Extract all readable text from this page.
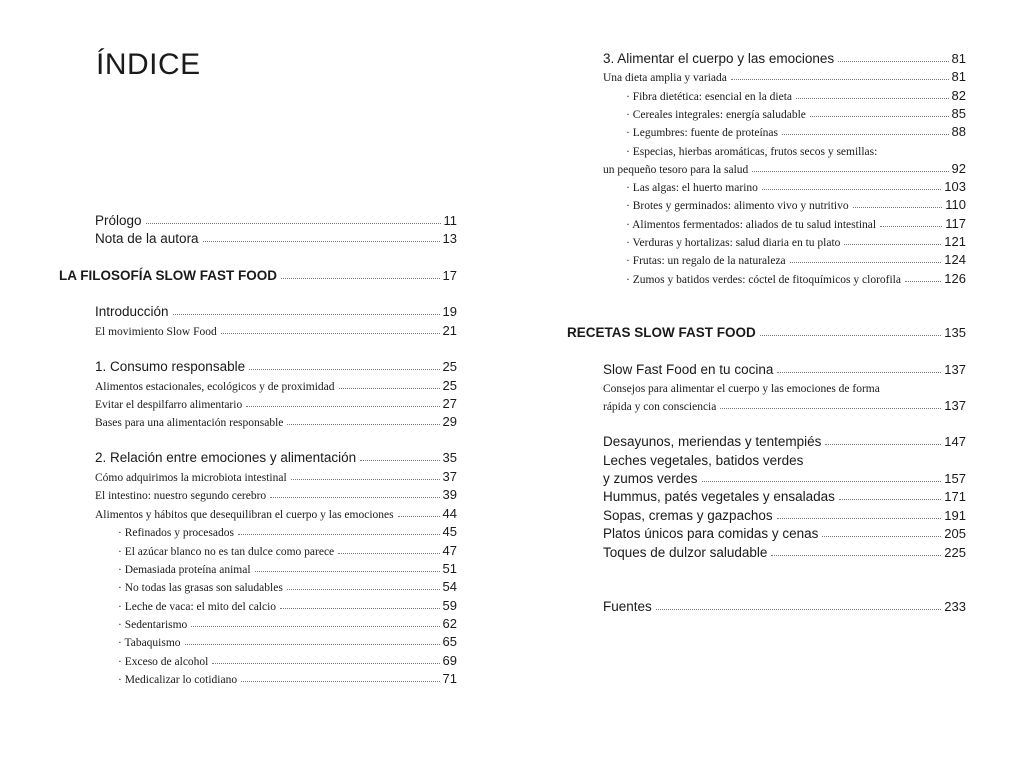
ÍNDICE
Prólogo	11
Nota de la autora	13
LA FILOSOFÍA SLOW FAST FOOD	17
Introducción	19
El movimiento Slow Food	21
1. Consumo responsable	25
Alimentos estacionales, ecológicos y de proximidad	25
Evitar el despilfarro alimentario	27
Bases para una alimentación responsable	29
2. Relación entre emociones y alimentación	35
Cómo adquirimos la microbiota intestinal	37
El intestino: nuestro segundo cerebro	39
Alimentos y hábitos que desequilibran el cuerpo y las emociones	44
· Refinados y procesados	45
· El azúcar blanco no es tan dulce como parece	47
· Demasiada proteína animal	51
· No todas las grasas son saludables	54
· Leche de vaca: el mito del calcio	59
· Sedentarismo	62
· Tabaquismo	65
· Exceso de alcohol	69
· Medicalizar lo cotidiano	71
3. Alimentar el cuerpo y las emociones	81
Una dieta amplia y variada	81
· Fibra dietética: esencial en la dieta	82
· Cereales integrales: energía saludable	85
· Legumbres: fuente de proteínas	88
· Especias, hierbas aromáticas, frutos secos y semillas:
un pequeño tesoro para la salud	92
· Las algas: el huerto marino	103
· Brotes y germinados: alimento vivo y nutritivo	110
· Alimentos fermentados: aliados de tu salud intestinal	117
· Verduras y hortalizas: salud diaria en tu plato	121
· Frutas: un regalo de la naturaleza	124
· Zumos y batidos verdes: cóctel de fitoquímicos y clorofila	126
RECETAS SLOW FAST FOOD	135
Slow Fast Food en tu cocina	137
Consejos para alimentar el cuerpo y las emociones de forma
rápida y con consciencia	137
Desayunos, meriendas y tentempiés	147
Leches vegetales, batidos verdes
y zumos verdes	157
Hummus, patés vegetales y ensaladas	171
Sopas, cremas y gazpachos	191
Platos únicos para comidas y cenas	205
Toques de dulzor saludable	225
Fuentes	233
